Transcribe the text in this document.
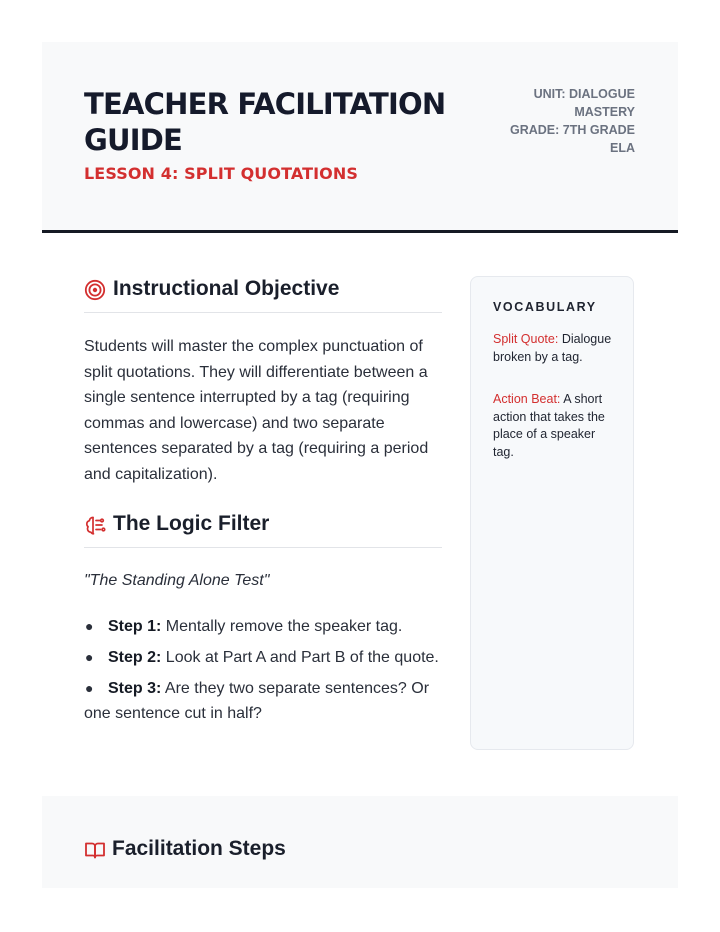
TEACHER FACILITATION GUIDE
LESSON 4: SPLIT QUOTATIONS
UNIT: DIALOGUE MASTERY
GRADE: 7TH GRADE ELA
Instructional Objective

Students will master the complex punctuation of split quotations. They will differentiate between a single sentence interrupted by a tag (requiring commas and lowercase) and two separate sentences separated by a tag (requiring a period and capitalization).

The Logic Filter

"The Standing Alone Test"

● Step 1: Mentally remove the speaker tag.
● Step 2: Look at Part A and Part B of the quote.
● Step 3: Are they two separate sentences? Or one sentence cut in half?
VOCABULARY
Split Quote: Dialogue broken by a tag.
Action Beat: A short action that takes the place of a speaker tag.
Facilitation Steps
